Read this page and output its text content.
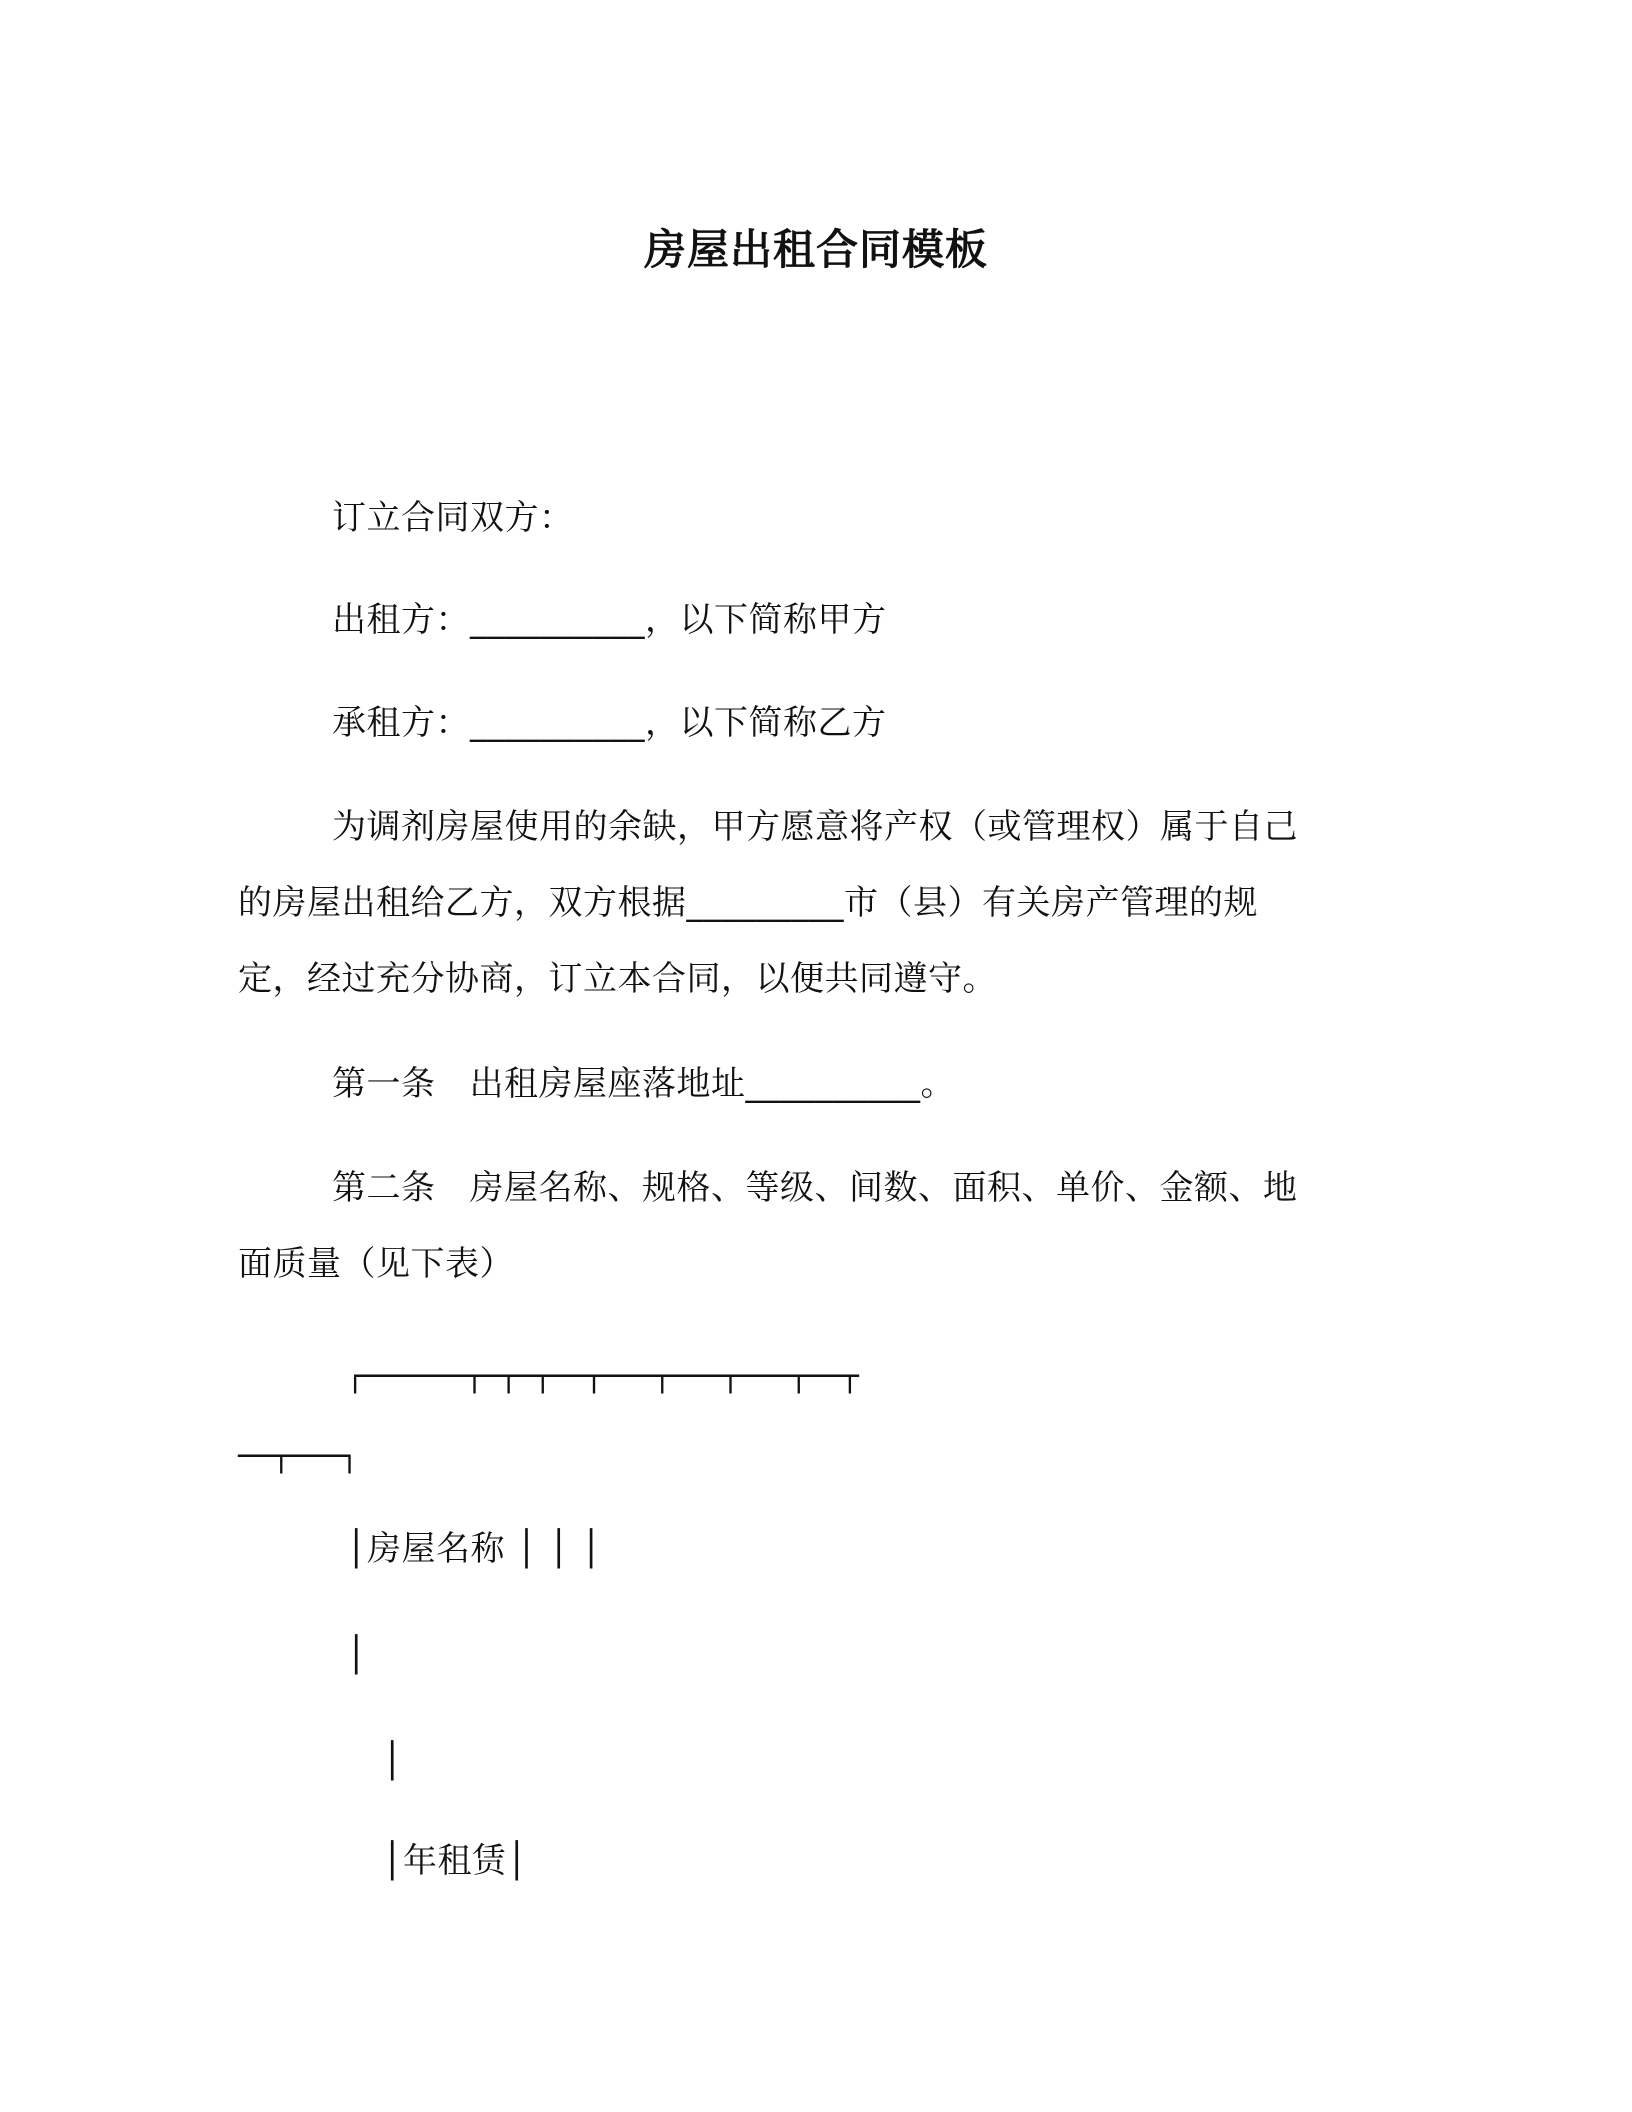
房屋出租合同模板
订立合同双方：
出租方：__________，以下简称甲方
承租方：__________，以下简称乙方
为调剂房屋使用的余缺，甲方愿意将产权（或管理权）属于自己
的房屋出租给乙方，双方根据_________市（县）有关房产管理的规
定，经过充分协商，订立本合同，以便共同遵守。
第一条 出租房屋座落地址__________。
第二条 房屋名称、规格、等级、间数、面积、单价、金额、地
面质量（见下表）
┌──────┬─┬─┬──┬───┬───┬───┬──┬
──┬───┐
│房屋名称 │ │ │
│
│
│年租赁│
